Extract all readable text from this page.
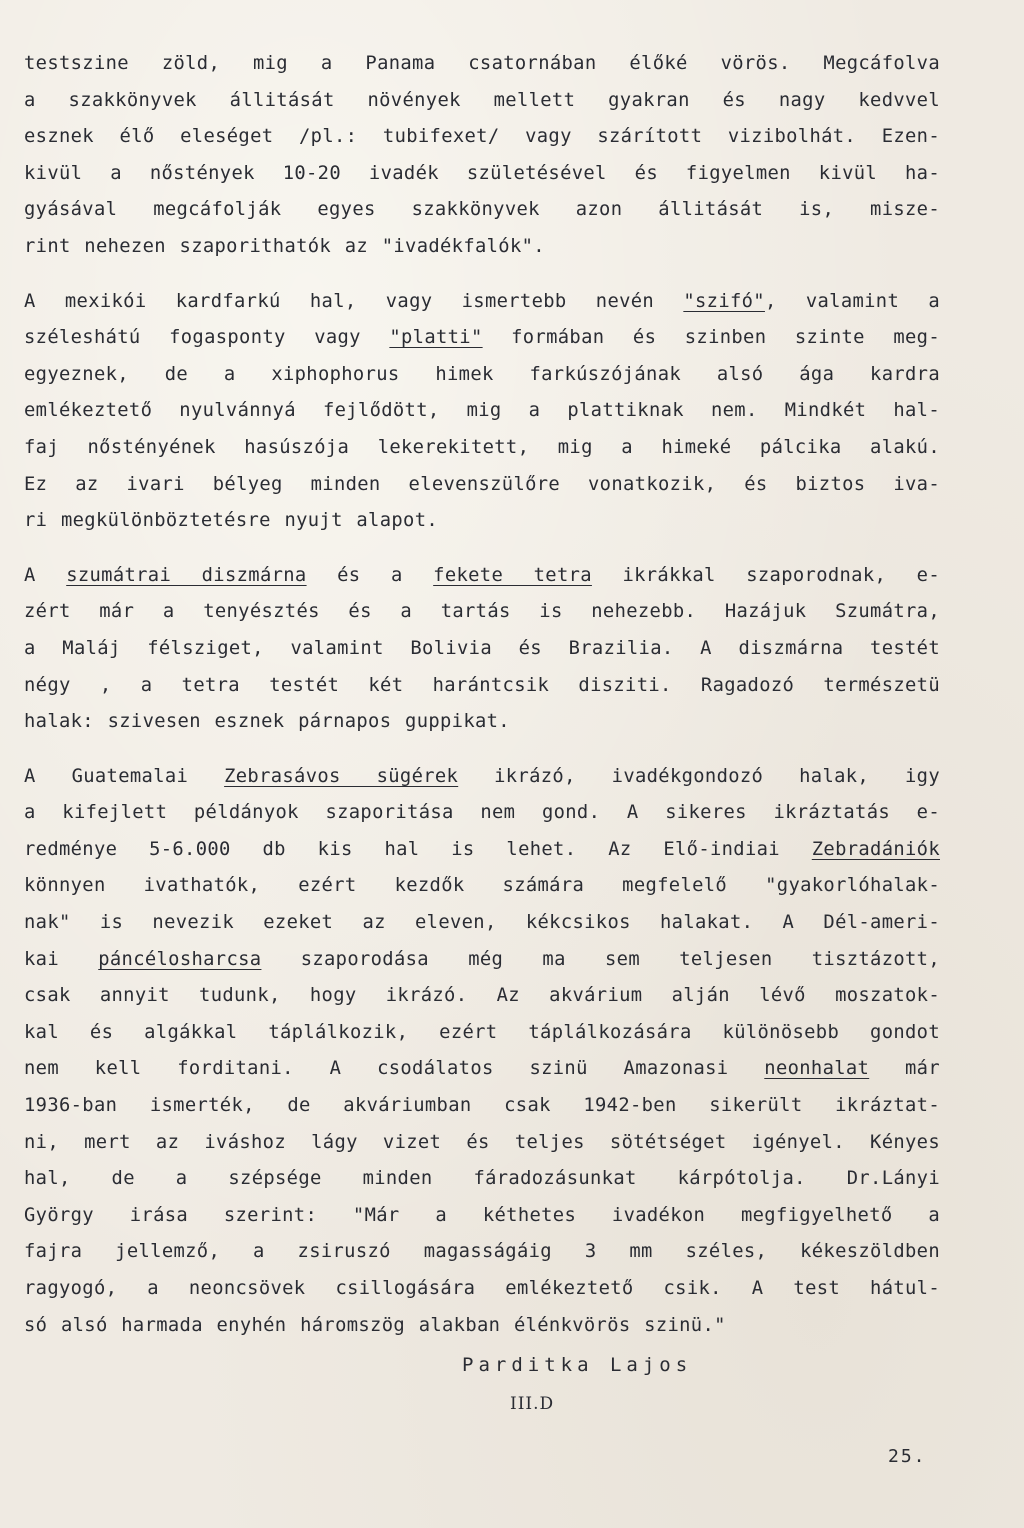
testszine zöld, mig a Panama csatornában élőké vörös. Megcáfolva
a szakkönyvek állitását növények mellett gyakran és nagy kedvvel
esznek élő eleséget /pl.: tubifexet/ vagy szárított vizibolhát. Ezen-
kivül a nőstények 10-20 ivadék születésével és figyelmen kivül ha-
gyásával megcáfolják egyes szakkönyvek azon állitását is, misze-
rint nehezen szaporithatók az "ivadékfalók".
A mexikói kardfarkú hal, vagy ismertebb nevén "szifó", valamint a
széleshátú fogasponty vagy "platti" formában és szinben szinte meg-
egyeznek, de a xiphophorus himek farkúszójának alsó ága kardra
emlékeztető nyulvánnyá fejlődött, mig a plattiknak nem. Mindkét hal-
faj nőstényének hasúszója lekerekitett, mig a himeké pálcika alakú.
Ez az ivari bélyeg minden elevenszülőre vonatkozik, és biztos iva-
ri megkülönböztetésre nyujt alapot.
A szumátrai diszmárna és a fekete tetra ikrákkal szaporodnak, e-
zért már a tenyésztés és a tartás is nehezebb. Hazájuk Szumátra,
a Maláj félsziget, valamint Bolivia és Brazilia. A diszmárna testét
négy , a tetra testét két harántcsik disziti. Ragadozó természetü
halak: szivesen esznek párnapos guppikat.
A Guatemalai Zebrasávos sügérek ikrázó, ivadékgondozó halak, igy
a kifejlett példányok szaporitása nem gond. A sikeres ikráztatás e-
redménye 5-6.000 db kis hal is lehet. Az Elő-indiai Zebradániók
könnyen ivathatók, ezért kezdők számára megfelelő "gyakorlóhalak-
nak" is nevezik ezeket az eleven, kékcsikos halakat. A Dél-ameri-
kai páncélosharcsa szaporodása még ma sem teljesen tisztázott,
csak annyit tudunk, hogy ikrázó. Az akvárium alján lévő moszatok-
kal és algákkal táplálkozik, ezért táplálkozására különösebb gondot
nem kell forditani. A csodálatos szinü Amazonasi neonhalat már
1936-ban ismerték, de akváriumban csak 1942-ben sikerült ikráztat-
ni, mert az iváshoz lágy vizet és teljes sötétséget igényel. Kényes
hal, de a szépsége minden fáradozásunkat kárpótolja. Dr.Lányi
György irása szerint: "Már a kéthetes ivadékon megfigyelhető a
fajra jellemző, a zsiruszó magasságáig 3 mm széles, kékeszöldben
ragyogó, a neoncsövek csillogására emlékeztető csik. A test hátul-
só alsó harmada enyhén háromszög alakban élénkvörös szinü."
Parditka Lajos
III.D
25.
